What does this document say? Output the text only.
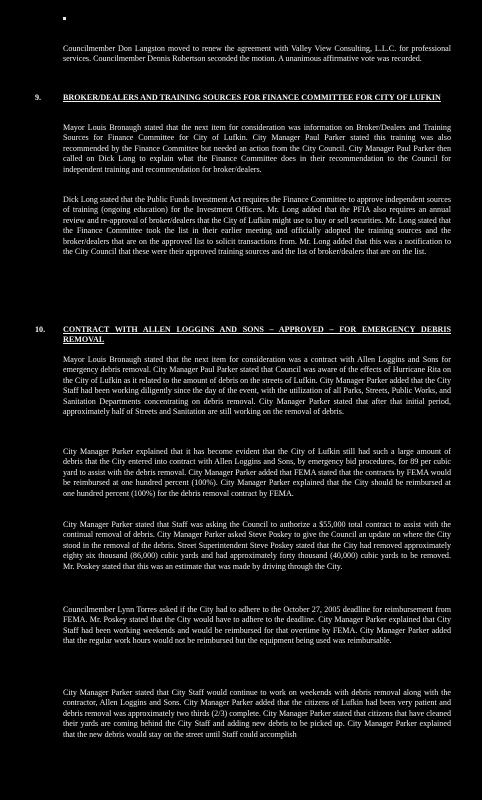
Councilmember Don Langston moved to renew the agreement with Valley View Consulting, L.L.C. for professional services. Councilmember Dennis Robertson seconded the motion. A unanimous affirmative vote was recorded.

9.	BROKER/DEALERS AND TRAINING SOURCES FOR FINANCE COMMITTEE FOR CITY OF LUFKIN

Mayor Louis Bronaugh stated that the next item for consideration was information on Broker/Dealers and Training Sources for Finance Committee for City of Lufkin. City Manager Paul Parker stated this training was also recommended by the Finance Committee but needed an action from the City Council. City Manager Paul Parker then called on Dick Long to explain what the Finance Committee does in their recommendation to the Council for independent training and recommendation for broker/dealers.

Dick Long stated that the Public Funds Investment Act requires the Finance Committee to approve independent sources of training (ongoing education) for the Investment Officers. Mr. Long added that the PFIA also requires an annual review and re-approval of broker/dealers that the City of Lufkin might use to buy or sell securities. Mr. Long stated that the Finance Committee took the list in their earlier meeting and officially adopted the training sources and the broker/dealers that are on the approved list to solicit transactions from. Mr. Long added that this was a notification to the City Council that these were their approved training sources and the list of broker/dealers that are on the list.

10. CONTRACT WITH ALLEN LOGGINS AND SONS – APPROVED – FOR EMERGENCY DEBRIS REMOVAL

Mayor Louis Bronaugh stated that the next item for consideration was a contract with Allen Loggins and Sons for emergency debris removal. City Manager Paul Parker stated that Council was aware of the effects of Hurricane Rita on the City of Lufkin as it related to the amount of debris on the streets of Lufkin. City Manager Parker added that the City Staff had been working diligently since the day of the event, with the utilization of all Parks, Streets, Public Works, and Sanitation Departments concentrating on debris removal. City Manager Parker stated that after that initial period, approximately half of Streets and Sanitation are still working on the removal of debris.

City Manager Parker explained that it has become evident that the City of Lufkin still had such a large amount of debris that the City entered into contract with Allen Loggins and Sons, by emergency bid procedures, for 89 per cubic yard to assist with the debris removal. City Manager Parker added that FEMA stated that the contracts by FEMA would be reimbursed at one hundred percent (100%). City Manager Parker explained that the City should be reimbursed at one hundred percent (100%) for the debris removal contract by FEMA.

City Manager Parker stated that Staff was asking the Council to authorize a $55,000 total contract to assist with the continual removal of debris. City Manager Parker asked Steve Poskey to give the Council an update on where the City stood in the removal of the debris. Street Superintendent Steve Poskey stated that the City had removed approximately eighty six thousand (86,000) cubic yards and had approximately forty thousand (40,000) cubic yards to be removed. Mr. Poskey stated that this was an estimate that was made by driving through the City.

Councilmember Lynn Torres asked if the City had to adhere to the October 27, 2005 deadline for reimbursement from FEMA. Mr. Poskey stated that the City would have to adhere to the deadline. City Manager Parker explained that City Staff had been working weekends and would be reimbursed for that overtime by FEMA. City Manager Parker added that the regular work hours would not be reimbursed but the equipment being used was reimbursable.

City Manager Parker stated that City Staff would continue to work on weekends with debris removal along with the contractor, Allen Loggins and Sons. City Manager Parker added that the citizens of Lufkin had been very patient and debris removal was approximately two thirds (2/3) complete. City Manager Parker stated that citizens that have cleaned their yards are coming behind the City Staff and adding new debris to be picked up. City Manager Parker explained that the new debris would stay on the street until Staff could accomplish
